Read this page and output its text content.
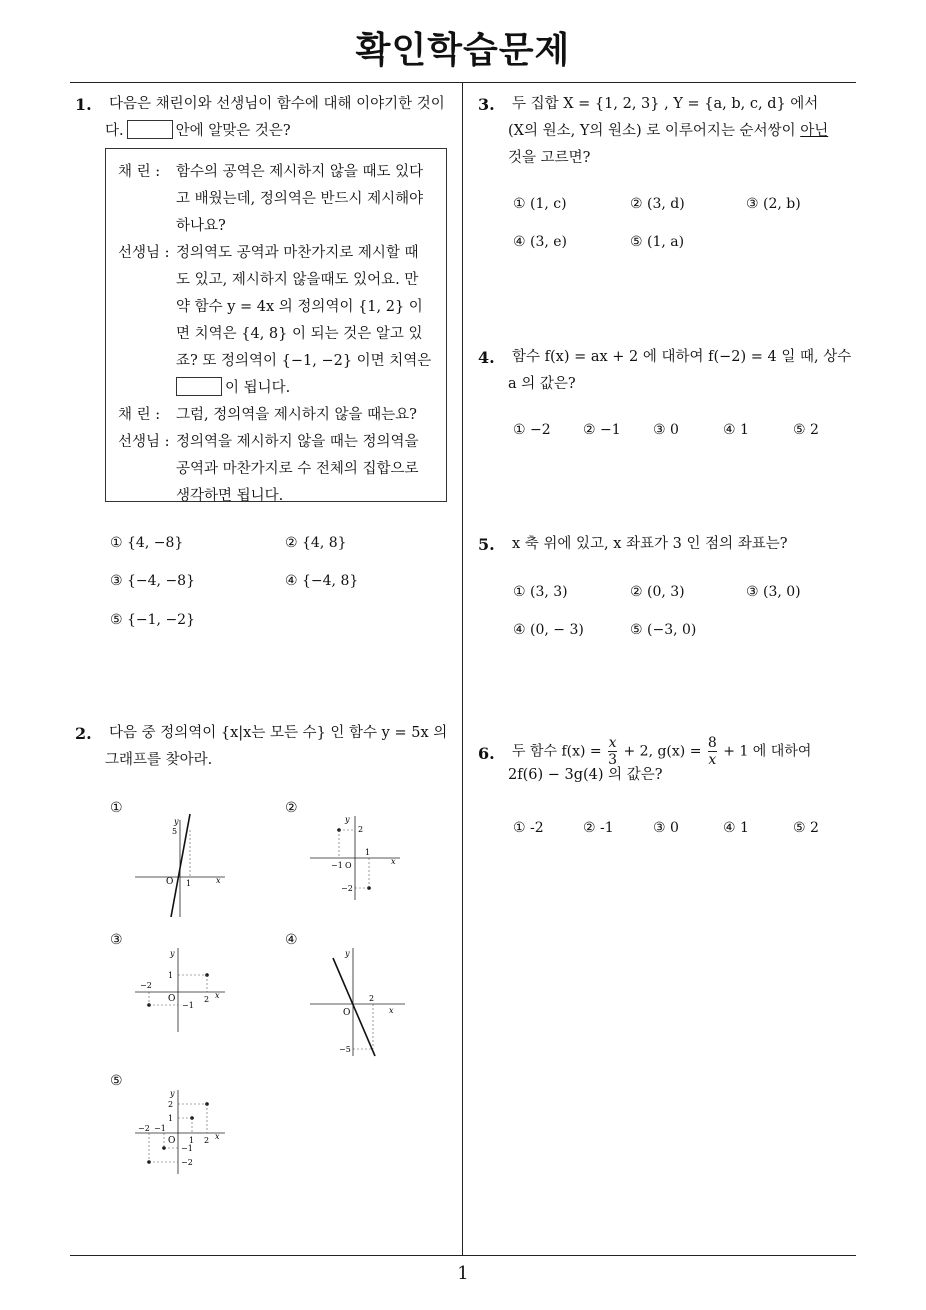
확인학습문제
1
1. 다음은 채린이와 선생님이 함수에 대해 이야기한 것이
다.	안에 알맞은 것은?
채 린 :	함수의 공역은 제시하지 않을 때도 있다
고 배웠는데, 정의역은 반드시 제시해야
하나요?
선생님 : 정의역도 공역과 마찬가지로 제시할 때
도 있고, 제시하지 않을때도 있어요. 만
약 함수 y = 4x 의 정의역이 {1, 2} 이
면 치역은 {4, 8} 이 되는 것은 알고 있
죠? 또 정의역이 {−1, −2} 이면 치역은
이 됩니다.
채 린 :	그럼, 정의역을 제시하지 않을 때는요?
선생님 : 정의역을 제시하지 않을 때는 정의역을
공역과 마찬가지로 수 전체의 집합으로
생각하면 됩니다.
① {4, −8}	② {4, 8}
③ {−4, −8}	④ {−4, 8}
⑤ {−1, −2}
2. 다음 중 정의역이 {x|x는 모든 수} 인 함수 y = 5x 의
그래프를 찾아라.
①	②
③	④
⑤
y
5
O 1	x
y
2
−1 O
1
−2
x
y
1
−2
O	2
−1
x
y
O
2
−5
x
y
2
1
−2 −1
O 1 2
−1
−2
x
3. 두 집합 X = {1, 2, 3} , Y = {a, b, c, d} 에서
(X의 원소, Y의 원소) 로 이루어지는 순서쌍이 아닌
것을 고르면?
① (1, c)	② (3, d)	③ (2, b)
④ (3, e)	⑤ (1, a)
4. 함수 f(x) = ax + 2 에 대하여 f(−2) = 4 일 때, 상수
a 의 값은?
① −2 ② −1 ③ 0	④ 1	⑤ 2
5. x 축 위에 있고, x 좌표가 3 인 점의 좌표는?
① (3, 3)	② (0, 3)	③ (3, 0)
④ (0, − 3)	⑤ (−3, 0)
6. 두 함수 $f(x) = \frac{x}{3} + 2$, $g(x) = \frac{8}{x} + 1$ 에 대하여
2f(6) − 3g(4) 의 값은?
① -2	② -1	③ 0	④ 1	⑤ 2
